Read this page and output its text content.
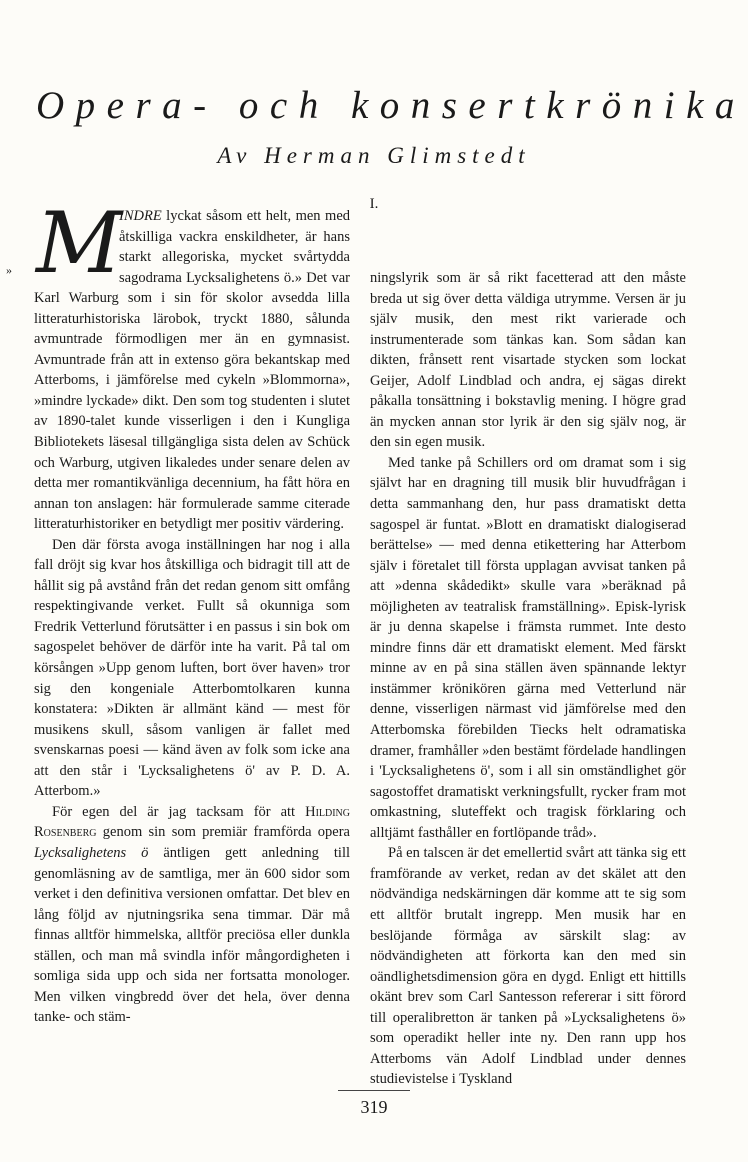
Opera- och konsertkrönika
Av Herman Glimstedt
I.

» M
INDRE lyckat såsom ett helt, men med åtskilliga vackra enskildheter, är hans starkt allegoriska, mycket svårtydda sagodrama Lycksalighetens ö.» Det var Karl Warburg som i sin för skolor avsedda lilla litteraturhistoriska lärobok, tryckt 1880, sålunda avmuntrade förmodligen mer än en gymnasist. Avmuntrade från att in extenso göra bekantskap med Atterboms, i jämförelse med cykeln »Blommorna», »mindre lyckade» dikt. Den som tog studenten i slutet av 1890-talet kunde visserligen i den i Kungliga Bibliotekets läsesal tillgängliga sista delen av Schück och Warburg, utgiven likaledes under senare delen av detta mer romantikvänliga decennium, ha fått höra en annan ton anslagen: här formulerade samme citerade litteraturhistoriker en betydligt mer positiv värdering.

Den där första avoga inställningen har nog i alla fall dröjt sig kvar hos åtskilliga och bidragit till att de hållit sig på avstånd från det redan genom sitt omfång respektingivande verket. Fullt så okunniga som Fredrik Vetterlund förutsätter i en passus i sin bok om sagospelet behöver de därför inte ha varit. På tal om körsången »Upp genom luften, bort över haven» tror sig den kongeniale Atterbomtolkaren kunna konstatera: »Dikten är allmänt känd — mest för musikens skull, såsom vanligen är fallet med svenskarnas poesi — känd även av folk som icke ana att den står i 'Lycksalighetens ö' av P. D. A. Atterbom.»

För egen del är jag tacksam för att Hilding Rosenberg genom sin som premiär framförda opera Lycksalighetens ö äntligen gett anledning till genomläsning av de samtliga, mer än 600 sidor som verket i den definitiva versionen omfattar. Det blev en lång följd av njutningsrika sena timmar. Där må finnas alltför himmelska, alltför preciösa eller dunkla ställen, och man må svindla inför mångordigheten i somliga sida upp och sida ner fortsatta monologer. Men vilken vingbredd över det hela, över denna tanke- och stäm-

ningslyrik som är så rikt facetterad att den måste breda ut sig över detta väldiga utrymme. Versen är ju själv musik, den mest rikt varierade och instrumenterade som tänkas kan. Som sådan kan dikten, frånsett rent visartade stycken som lockat Geijer, Adolf Lindblad och andra, ej sägas direkt påkalla tonsättning i bokstavlig mening. I högre grad än mycken annan stor lyrik är den sig själv nog, är den sin egen musik.

Med tanke på Schillers ord om dramat som i sig självt har en dragning till musik blir huvudfrågan i detta sammanhang den, hur pass dramatiskt detta sagospel är funtat. »Blott en dramatiskt dialogiserad berättelse» — med denna etikettering har Atterbom själv i företalet till första upplagan avvisat tanken på att »denna skådedikt» skulle vara »beräknad på möjligheten av teatralisk framställning». Episk-lyrisk är ju denna skapelse i främsta rummet. Inte desto mindre finns där ett dramatiskt element. Med färskt minne av en på sina ställen även spännande lektyr instämmer krönikören gärna med Vetterlund när denne, visserligen närmast vid jämförelse med den Atterbomska förebilden Tiecks helt odramatiska dramer, framhåller »den bestämt fördelade handlingen i 'Lycksalighetens ö', som i all sin omständlighet gör sagostoffet dramatiskt verkningsfullt, rycker fram mot omkastning, sluteffekt och tragisk förklaring och alltjämt fasthåller en fortlöpande tråd».

På en talscen är det emellertid svårt att tänka sig ett framförande av verket, redan av det skälet att den nödvändiga nedskärningen där komme att te sig som ett alltför brutalt ingrepp. Men musik har en beslöjande förmåga av särskilt slag: av nödvändigheten att förkorta kan den med sin oändlighetsdimension göra en dygd. Enligt ett hittills okänt brev som Carl Santesson refererar i sitt förord till operalibretton är tanken på »Lycksalighetens ö» som operadikt heller inte ny. Den rann upp hos Atterboms vän Adolf Lindblad under dennes studievistelse i Tyskland

319
